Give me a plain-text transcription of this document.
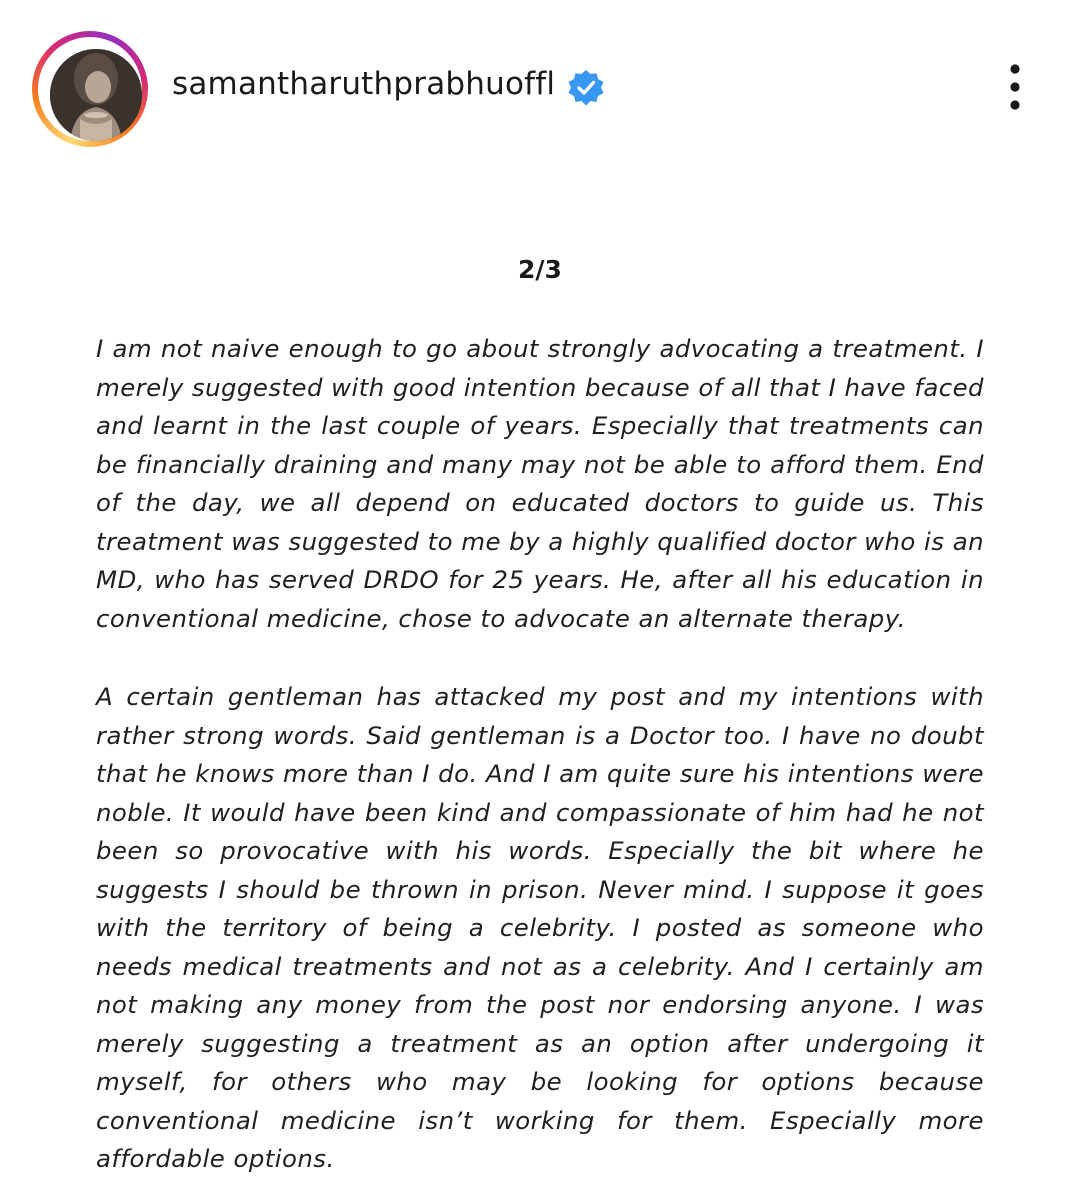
samantharuthprabhuoffl
2/3

I am not naive enough to go about strongly advocating a treatment. I merely suggested with good intention because of all that I have faced and learnt in the last couple of years. Especially that treatments can be financially draining and many may not be able to afford them. End of the day, we all depend on educated doctors to guide us. This treatment was suggested to me by a highly qualified doctor who is an MD, who has served DRDO for 25 years. He, after all his education in conventional medicine, chose to advocate an alternate therapy.

A certain gentleman has attacked my post and my intentions with rather strong words. Said gentleman is a Doctor too. I have no doubt that he knows more than I do. And I am quite sure his intentions were noble. It would have been kind and compassionate of him had he not been so provocative with his words. Especially the bit where he suggests I should be thrown in prison. Never mind. I suppose it goes with the territory of being a celebrity. I posted as someone who needs medical treatments and not as a celebrity. And I certainly am not making any money from the post nor endorsing anyone. I was merely suggesting a treatment as an option after undergoing it myself, for others who may be looking for options because conventional medicine isn’t working for them. Especially more affordable options.
